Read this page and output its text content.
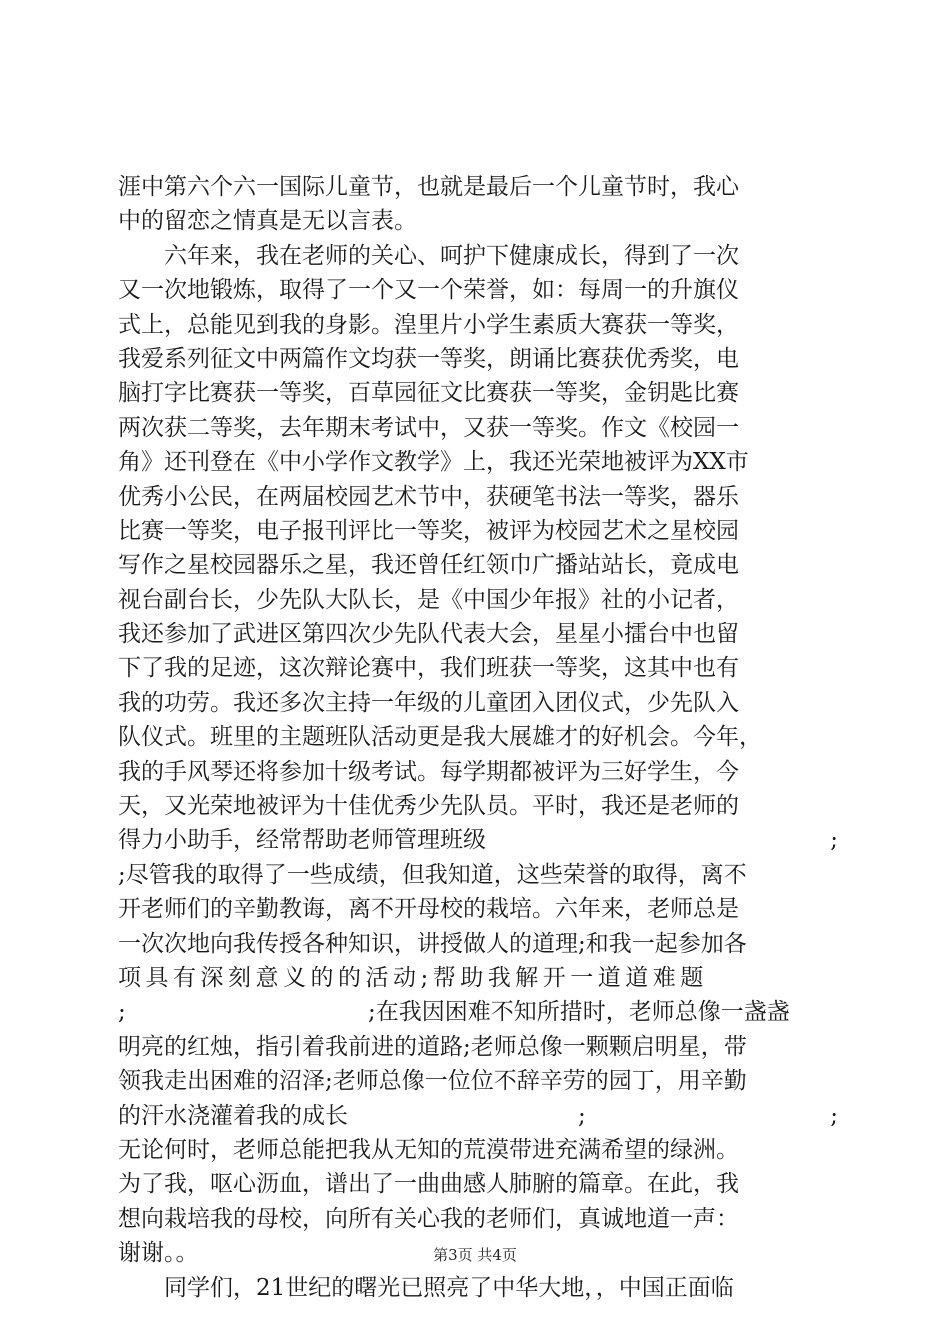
涯中第六个六一国际儿童节，也就是最后一个儿童节时，我心
中的留恋之情真是无以言表。
六年来，我在老师的关心、呵护下健康成长，得到了一次
又一次地锻炼，取得了一个又一个荣誉，如：每周一的升旗仪
式上，总能见到我的身影。湟里片小学生素质大赛获一等奖，
我爱系列征文中两篇作文均获一等奖，朗诵比赛获优秀奖，电
脑打字比赛获一等奖，百草园征文比赛获一等奖，金钥匙比赛
两次获二等奖，去年期末考试中，又获一等奖。作文《校园一
角》还刊登在《中小学作文教学》上，我还光荣地被评为XX市
优秀小公民，在两届校园艺术节中，获硬笔书法一等奖，器乐
比赛一等奖，电子报刊评比一等奖，被评为校园艺术之星校园
写作之星校园器乐之星，我还曾任红领巾广播站站长，竟成电
视台副台长，少先队大队长，是《中国少年报》社的小记者，
我还参加了武进区第四次少先队代表大会，星星小擂台中也留
下了我的足迹，这次辩论赛中，我们班获一等奖，这其中也有
我的功劳。我还多次主持一年级的儿童团入团仪式，少先队入
队仪式。班里的主题班队活动更是我大展雄才的好机会。今年，
我的手风琴还将参加十级考试。每学期都被评为三好学生，今
天，又光荣地被评为十佳优秀少先队员。平时，我还是老师的
得力小助手，经常帮助老师管理班级	;
;尽管我的取得了一些成绩，但我知道，这些荣誉的取得，离不
开老师们的辛勤教诲，离不开母校的栽培。六年来，老师总是
一次次地向我传授各种知识，讲授做人的道理;和我一起参加各
项具有深刻意义的的活动;帮助我解开一道道难题
;	;在我因困难不知所措时，老师总像一盏盏
明亮的红烛，指引着我前进的道路;老师总像一颗颗启明星，带
领我走出困难的沼泽;老师总像一位位不辞辛劳的园丁，用辛勤
的汗水浇灌着我的成长	;	;
无论何时，老师总能把我从无知的荒漠带进充满希望的绿洲。
为了我，呕心沥血，谱出了一曲曲感人肺腑的篇章。在此，我
想向栽培我的母校，向所有关心我的老师们，真诚地道一声：
谢谢。。
同学们，21世纪的曙光已照亮了中华大地，，中国正面临
第3页 共4页
